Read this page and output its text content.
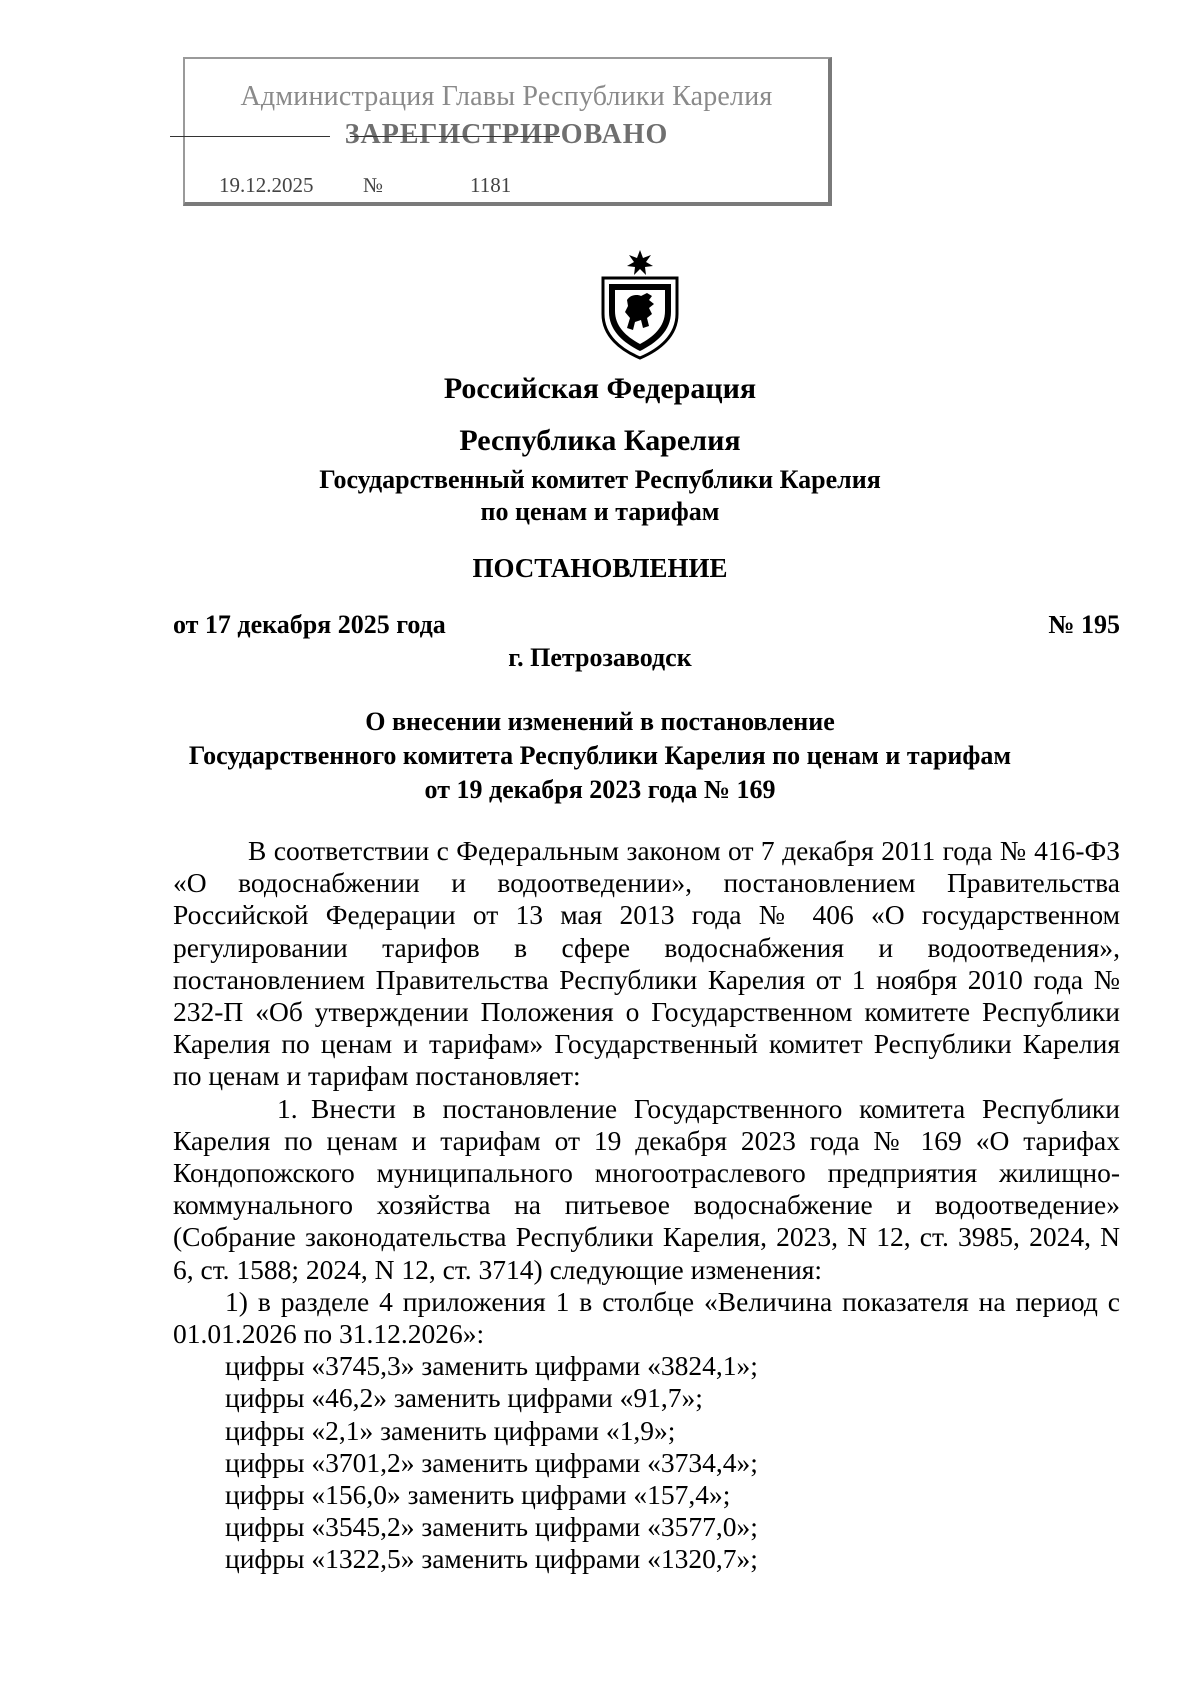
Администрация Главы Республики Карелия
ЗАРЕГИСТРИРОВАНО
19.12.2025 №	1181
Российская Федерация
Республика Карелия
Государственный комитет Республики Карелия
по ценам и тарифам
ПОСТАНОВЛЕНИЕ
от 17 декабря 2025 года	№ 195
г. Петрозаводск
О внесении изменений в постановление
Государственного комитета Республики Карелия по ценам и тарифам
от 19 декабря 2023 года № 169

В соответствии с Федеральным законом от 7 декабря 2011 года № 416-ФЗ «О водоснабжении и водоотведении», постановлением Правительства Российской Федерации от 13 мая 2013 года № 406 «О государственном регулировании тарифов в сфере водоснабжения и водоотведения», постановлением Правительства Республики Карелия от 1 ноября 2010 года № 232-П «Об утверждении Положения о Государственном комитете Республики Карелия по ценам и тарифам» Государственный комитет Республики Карелия по ценам и тарифам постановляет:

1. Внести в постановление Государственного комитета Республики Карелия по ценам и тарифам от 19 декабря 2023 года № 169 «О тарифах Кондопожского муниципального многоотраслевого предприятия жилищно-коммунального хозяйства на питьевое водоснабжение и водоотведение» (Собрание законодательства Республики Карелия, 2023, N 12, ст. 3985, 2024, N 6, ст. 1588; 2024, N 12, ст. 3714) следующие изменения:

1) в разделе 4 приложения 1 в столбце «Величина показателя на период с 01.01.2026 по 31.12.2026»:

цифры «3745,3» заменить цифрами «3824,1»;

цифры «46,2» заменить цифрами «91,7»;

цифры «2,1» заменить цифрами «1,9»;

цифры «3701,2» заменить цифрами «3734,4»;

цифры «156,0» заменить цифрами «157,4»;

цифры «3545,2» заменить цифрами «3577,0»;

цифры «1322,5» заменить цифрами «1320,7»;
